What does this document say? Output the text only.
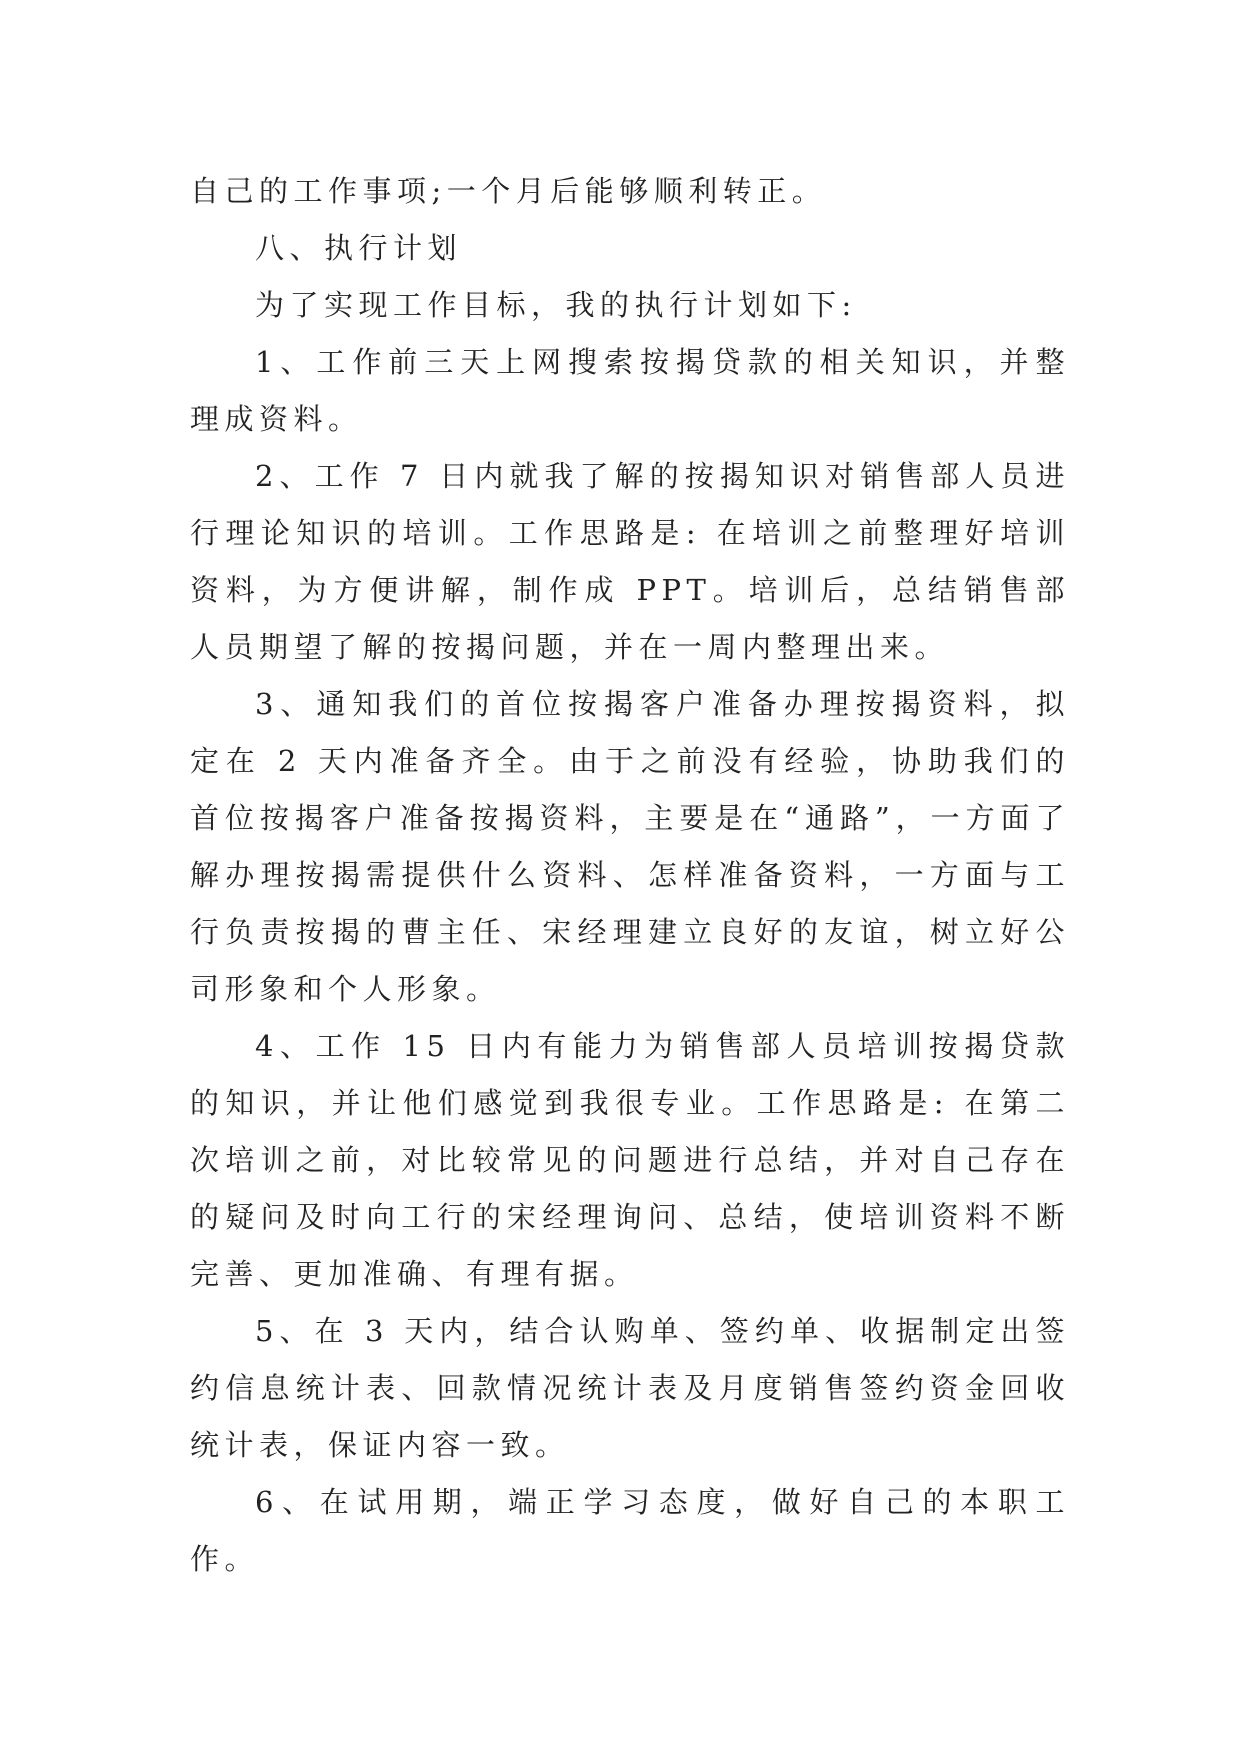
自己的工作事项;一个月后能够顺利转正。

八、执行计划

为了实现工作目标，我的执行计划如下:

1、工作前三天上网搜索按揭贷款的相关知识，并整理成资料。

2、工作 7 日内就我了解的按揭知识对销售部人员进行理论知识的培训。工作思路是: 在培训之前整理好培训资料，为方便讲解，制作成 PPT。培训后，总结销售部人员期望了解的按揭问题，并在一周内整理出来。

3、通知我们的首位按揭客户准备办理按揭资料，拟定在 2 天内准备齐全。由于之前没有经验，协助我们的首位按揭客户准备按揭资料，主要是在“通路”，一方面了解办理按揭需提供什么资料、怎样准备资料，一方面与工行负责按揭的曹主任、宋经理建立良好的友谊，树立好公司形象和个人形象。

4、工作 15 日内有能力为销售部人员培训按揭贷款的知识，并让他们感觉到我很专业。工作思路是: 在第二次培训之前，对比较常见的问题进行总结，并对自己存在的疑问及时向工行的宋经理询问、总结，使培训资料不断完善、更加准确、有理有据。

5、在 3 天内，结合认购单、签约单、收据制定出签约信息统计表、回款情况统计表及月度销售签约资金回收统计表，保证内容一致。

6、在试用期，端正学习态度，做好自己的本职工作。
